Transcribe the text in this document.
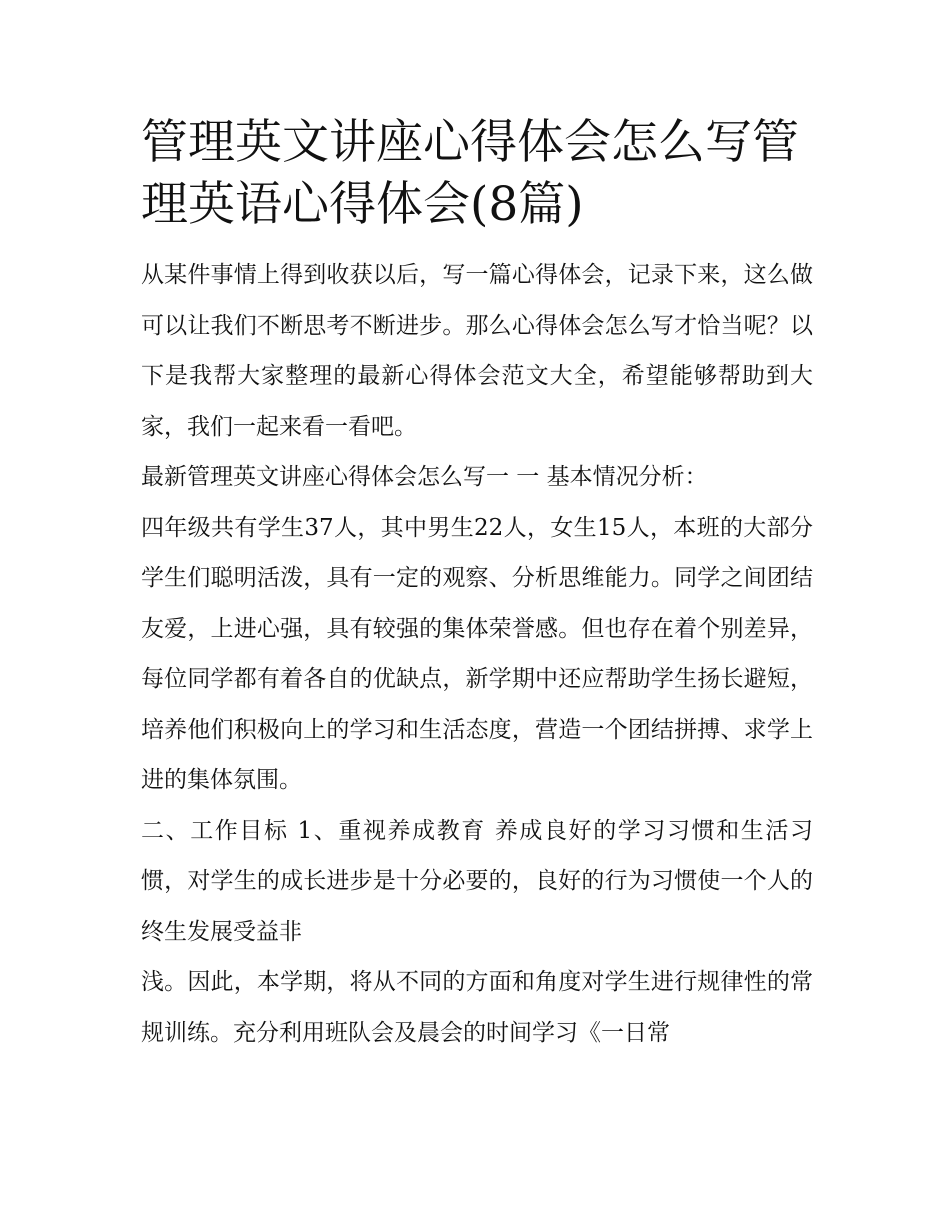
管理英文讲座心得体会怎么写管理英语心得体会(8篇)

从某件事情上得到收获以后，写一篇心得体会，记录下来，这么做可以让我们不断思考不断进步。那么心得体会怎么写才恰当呢？以下是我帮大家整理的最新心得体会范文大全，希望能够帮助到大家，我们一起来看一看吧。

最新管理英文讲座心得体会怎么写一 一 基本情况分析：

四年级共有学生37人，其中男生22人，女生15人，本班的大部分学生们聪明活泼，具有一定的观察、分析思维能力。同学之间团结友爱，上进心强，具有较强的集体荣誉感。但也存在着个别差异，每位同学都有着各自的优缺点，新学期中还应帮助学生扬长避短，培养他们积极向上的学习和生活态度，营造一个团结拼搏、求学上进的集体氛围。

二、工作目标 1、重视养成教育 养成良好的学习习惯和生活习惯，对学生的成长进步是十分必要的，良好的行为习惯使一个人的终生发展受益非

浅。因此，本学期，将从不同的方面和角度对学生进行规律性的常规训练。充分利用班队会及晨会的时间学习《一日常
